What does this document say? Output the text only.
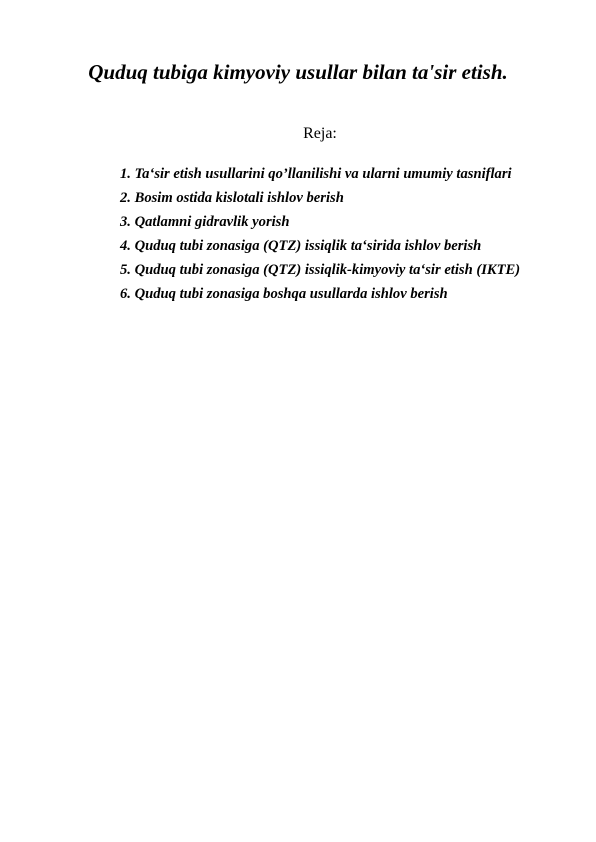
Quduq tubiga kimyoviy usullar bilan ta'sir etish.
Reja:
1. Ta‘sir etish usullarini qo’llanilishi va ularni umumiy tasniflari
2. Bosim ostida kislotali ishlov berish
3. Qatlamni gidravlik yorish
4. Quduq tubi zonasiga (QTZ) issiqlik ta‘sirida ishlov berish
5. Quduq tubi zonasiga (QTZ) issiqlik-kimyoviy ta‘sir etish (IKTE)
6. Quduq tubi zonasiga boshqa usullarda ishlov berish
